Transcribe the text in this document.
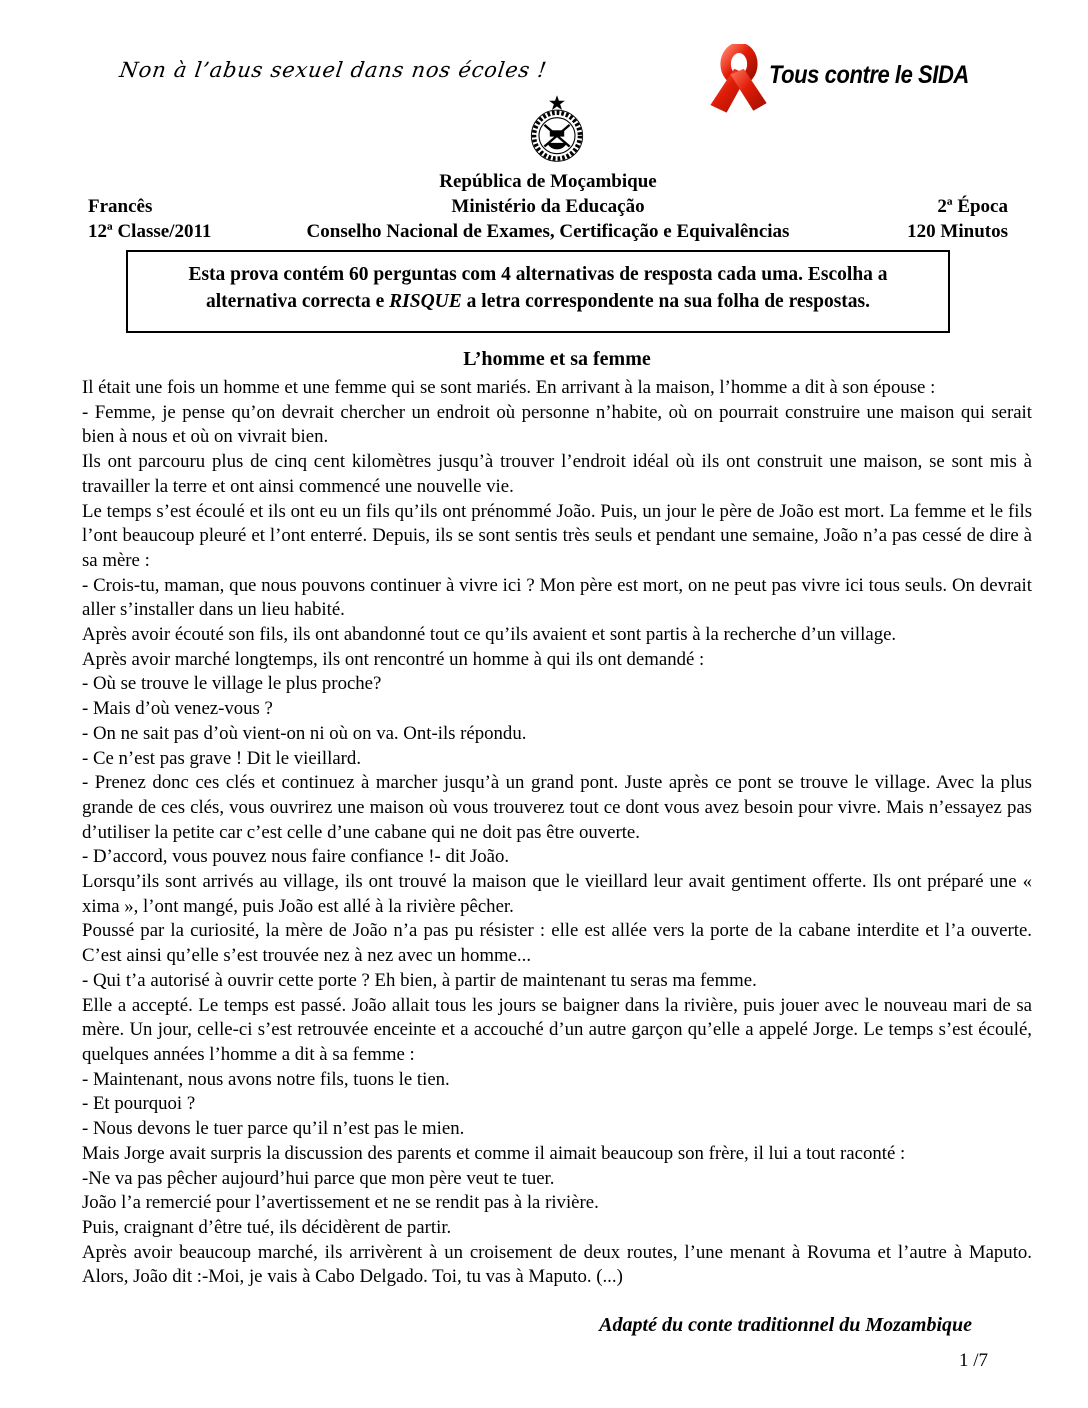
Non à l’abus sexuel dans nos écoles !	Tous contre le SIDA
República de Moçambique
Francês	Ministério da Educação	2ª Época
12ª Classe/2011	Conselho Nacional de Exames, Certificação e Equivalências	120 Minutos
Esta prova contém 60 perguntas com 4 alternativas de resposta cada uma. Escolha a alternativa correcta e RISQUE a letra correspondente na sua folha de respostas.
L’homme et sa femme

Il était une fois un homme et une femme qui se sont mariés. En arrivant à la maison, l’homme a dit à son épouse :

- Femme, je pense qu’on devrait chercher un endroit où personne n’habite, où on pourrait construire une maison qui serait bien à nous et où on vivrait bien.

Ils ont parcouru plus de cinq cent kilomètres jusqu’à trouver l’endroit idéal où ils ont construit une maison, se sont mis à travailler la terre et ont ainsi commencé une nouvelle vie.

Le temps s’est écoulé et ils ont eu un fils qu’ils ont prénommé João. Puis, un jour le père de João est mort. La femme et le fils l’ont beaucoup pleuré et l’ont enterré. Depuis, ils se sont sentis très seuls et pendant une semaine, João n’a pas cessé de dire à sa mère :

- Crois-tu, maman, que nous pouvons continuer à vivre ici ? Mon père est mort, on ne peut pas vivre ici tous seuls. On devrait aller s’installer dans un lieu habité.

Après avoir écouté son fils, ils ont abandonné tout ce qu’ils avaient et sont partis à la recherche d’un village.

Après avoir marché longtemps, ils ont rencontré un homme à qui ils ont demandé :

- Où se trouve le village le plus proche?

- Mais d’où venez-vous ?

- On ne sait pas d’où vient-on ni où on va. Ont-ils répondu.

- Ce n’est pas grave ! Dit le vieillard.

- Prenez donc ces clés et continuez à marcher jusqu’à un grand pont. Juste après ce pont se trouve le village. Avec la plus grande de ces clés, vous ouvrirez une maison où vous trouverez tout ce dont vous avez besoin pour vivre. Mais n’essayez pas d’utiliser la petite car c’est celle d’une cabane qui ne doit pas être ouverte.

- D’accord, vous pouvez nous faire confiance !- dit João.

Lorsqu’ils sont arrivés au village, ils ont trouvé la maison que le vieillard leur avait gentiment offerte. Ils ont préparé une « xima », l’ont mangé, puis João est allé à la rivière pêcher.

Poussé par la curiosité, la mère de João n’a pas pu résister : elle est allée vers la porte de la cabane interdite et l’a ouverte. C’est ainsi qu’elle s’est trouvée nez à nez avec un homme...

- Qui t’a autorisé à ouvrir cette porte ? Eh bien, à partir de maintenant tu seras ma femme.

Elle a accepté. Le temps est passé. João allait tous les jours se baigner dans la rivière, puis jouer avec le nouveau mari de sa mère. Un jour, celle-ci s’est retrouvée enceinte et a accouché d’un autre garçon qu’elle a appelé Jorge. Le temps s’est écoulé, quelques années l’homme a dit à sa femme :

- Maintenant, nous avons notre fils, tuons le tien.

- Et pourquoi ?

- Nous devons le tuer parce qu’il n’est pas le mien.

Mais Jorge avait surpris la discussion des parents et comme il aimait beaucoup son frère, il lui a tout raconté :

-Ne va pas pêcher aujourd’hui parce que mon père veut te tuer.

João l’a remercié pour l’avertissement et ne se rendit pas à la rivière.

Puis, craignant d’être tué, ils décidèrent de partir.

Après avoir beaucoup marché, ils arrivèrent à un croisement de deux routes, l’une menant à Rovuma et l’autre à Maputo. Alors, João dit :-Moi, je vais à Cabo Delgado. Toi, tu vas à Maputo. (...)

Adapté du conte traditionnel du Mozambique
1 /7
